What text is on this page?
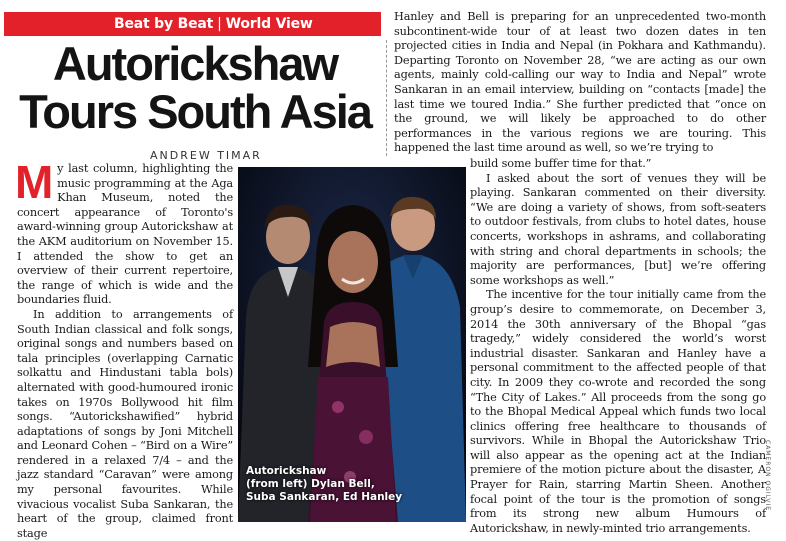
Beat by Beat | World View
Autorickshaw
Tours South Asia
ANDREW TIMAR

My last column, highlighting the music programming at the Aga Khan Museum, noted the concert appearance of Toronto's award-winning group Autorickshaw at the AKM auditorium on November 15. I attended the show to get an overview of their current repertoire, the range of which is wide and the boundaries fluid.

In addition to arrangements of South Indian classical and folk songs, original songs and numbers based on tala principles (overlapping Carnatic solkattu and Hindustani tabla bols) alternated with good-humoured ironic takes on 1970s Bollywood hit film songs. “Autorickshawified” hybrid adaptations of songs by Joni Mitchell and Leonard Cohen – “Bird on a Wire” rendered in a relaxed 7/4 – and the jazz standard “Caravan” were among my personal favourites. While vivacious vocalist Suba Sankaran, the heart of the group, claimed front stage

Hanley and Bell is preparing for an unprecedented two-month subcontinent-wide tour of at least two dozen dates in ten projected cities in India and Nepal (in Pokhara and Kathmandu). Departing Toronto on November 28, “we are acting as our own agents, mainly cold-calling our way to India and Nepal” wrote Sankaran in an email interview, building on “contacts [made] the last time we toured India.” She further predicted that “once on the ground, we will likely be approached to do other performances in the various regions we are touring. This happened the last time around as well, so we’re trying to

build some buffer time for that.”

I asked about the sort of venues they will be playing. Sankaran commented on their diversity. “We are doing a variety of shows, from soft-seaters to outdoor festivals, from clubs to hotel dates, house concerts, workshops in ashrams, and collaborating with string and choral departments in schools; the majority are performances, [but] we’re offering some workshops as well.”

The incentive for the tour initially came from the group’s desire to commemorate, on December 3, 2014 the 30th anniversary of the Bhopal “gas tragedy,” widely considered the world’s worst industrial disaster. Sankaran and Hanley have a personal commitment to the affected people of that city. In 2009 they co-wrote and recorded the song “The City of Lakes.” All proceeds from the song go to the Bhopal Medical Appeal which funds two local clinics offering free healthcare to thousands of survivors. While in Bhopal the Autorickshaw Trio will also appear as the opening act at the Indian premiere of the motion picture about the disaster, A Prayer for Rain, starring Martin Sheen. Another focal point of the tour is the promotion of songs from its strong new album Humours of Autorickshaw, in newly-minted trio arrangements.

Autorickshaw
(from left) Dylan Bell,
Suba Sankaran, Ed Hanley	CAMERON OGILVIE
